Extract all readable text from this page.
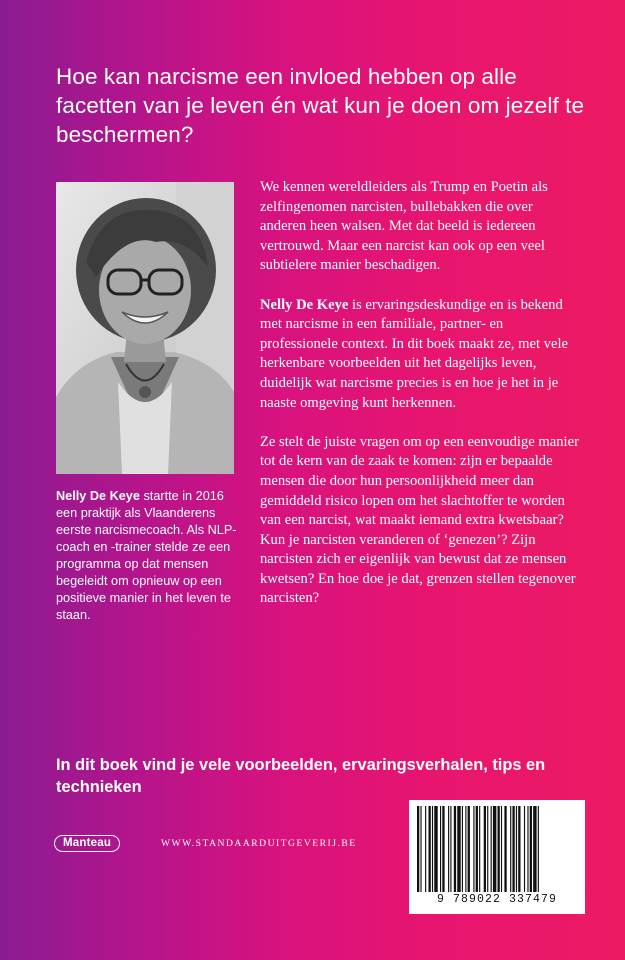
Hoe kan narcisme een invloed hebben op alle facetten van je leven én wat kun je doen om jezelf te beschermen?

Nelly De Keye startte in 2016 een praktijk als Vlaanderens eerste narcismecoach. Als NLP-coach en -trainer stelde ze een programma op dat mensen begeleidt om opnieuw op een positieve manier in het leven te staan.

We kennen wereldleiders als Trump en Poetin als zelfingenomen narcisten, bullebakken die over anderen heen walsen. Met dat beeld is iedereen vertrouwd. Maar een narcist kan ook op een veel subtielere manier beschadigen.

Nelly De Keye is ervaringsdeskundige en is bekend met narcisme in een familiale, partner- en professionele context. In dit boek maakt ze, met vele herkenbare voorbeelden uit het dagelijks leven, duidelijk wat narcisme precies is en hoe je het in je naaste omgeving kunt herkennen.

Ze stelt de juiste vragen om op een eenvoudige manier tot de kern van de zaak te komen: zijn er bepaalde mensen die door hun persoonlijkheid meer dan gemiddeld risico lopen om het slachtoffer te worden van een narcist, wat maakt iemand extra kwetsbaar? Kun je narcisten veranderen of ‘genezen’? Zijn narcisten zich er eigenlijk van bewust dat ze mensen kwetsen? En hoe doe je dat, grenzen stellen tegenover narcisten?

In dit boek vind je vele voorbeelden, ervaringsverhalen, tips en technieken

Manteau	WWW.STANDAARDUITGEVERIJ.BE
9 789022 337479
